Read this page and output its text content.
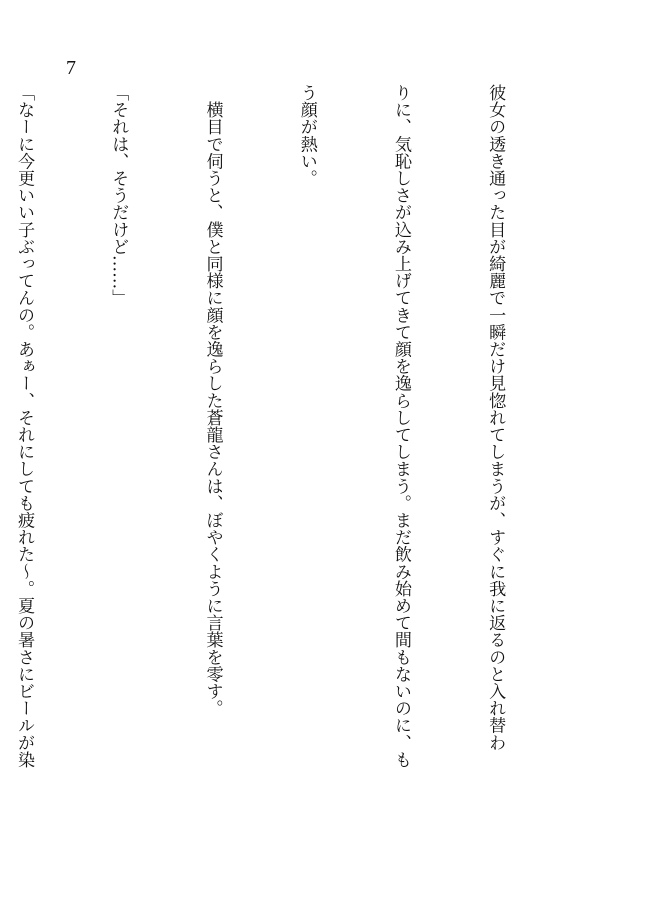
7

彼女の透き通った目が綺麗で一瞬だけ見惚れてしまうが、すぐに我に返るのと入れ替わ

りに、気恥しさが込み上げてきて顔を逸らしてしまう。まだ飲み始めて間もないのに、も

う顔が熱い。

　横目で伺うと、僕と同様に顔を逸らした蒼龍さんは、ぼやくように言葉を零す。

「それは、そうだけど……」

「なーに今更いい子ぶってんの。あぁー、それにしても疲れた〜。夏の暑さにビールが染
